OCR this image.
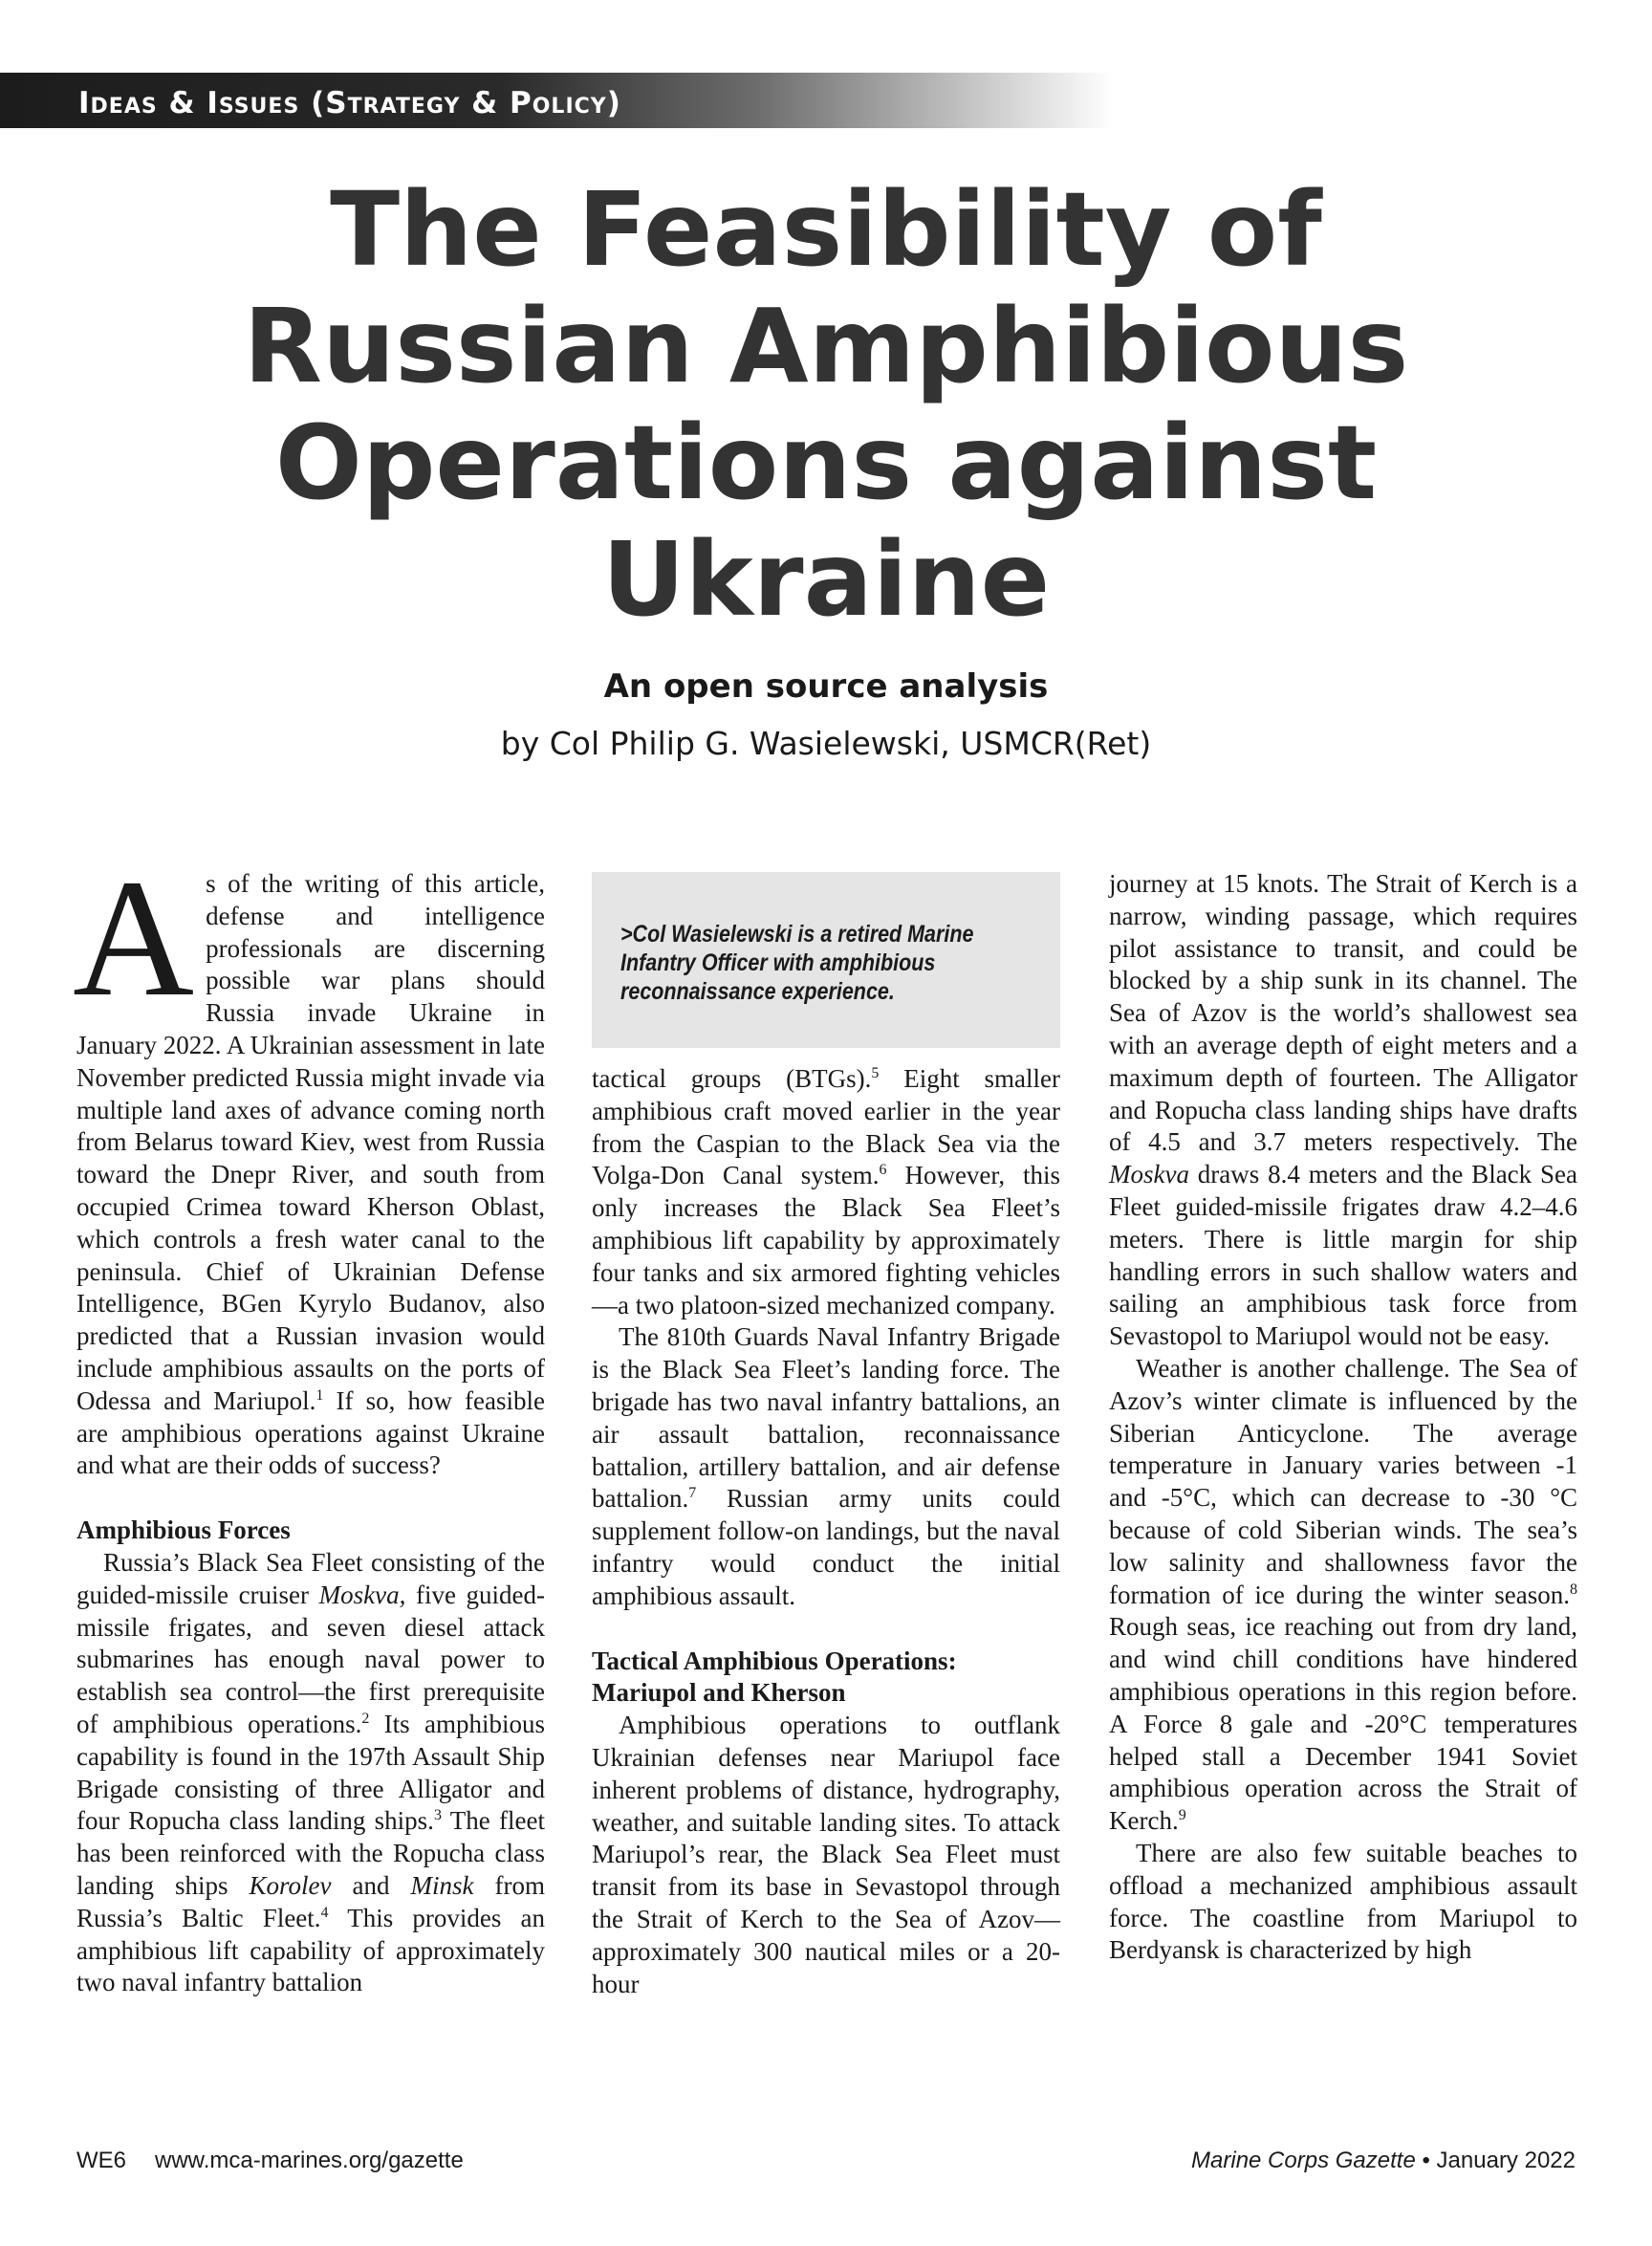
Ideas & Issues (Strategy & Policy)
The Feasibility of
Russian Amphibious
Operations against
Ukraine
An open source analysis
by Col Philip G. Wasielewski, USMCR(Ret)

As of the writing of this article, defense and intelligence professionals are discerning possible war plans should Russia invade Ukraine in January 2022. A Ukrainian assessment in late November predicted Russia might invade via multiple land axes of advance coming north from Belarus toward Kiev, west from Russia toward the Dnepr River, and south from occupied Crimea toward Kherson Oblast, which controls a fresh water canal to the peninsula. Chief of Ukrainian Defense Intelligence, BGen Kyrylo Budanov, also predicted that a Russian invasion would include amphibious assaults on the ports of Odessa and Mariupol.$^1$ If so, how feasible are amphibious operations against Ukraine and what are their odds of success?

Amphibious Forces

Russia’s Black Sea Fleet consisting of the guided-missile cruiser Moskva, five guided-missile frigates, and seven diesel attack submarines has enough naval power to establish sea control—the first prerequisite of amphibious operations.$^2$ Its amphibious capability is found in the 197th Assault Ship Brigade consisting of three Alligator and four Ropucha class landing ships.$^3$ The fleet has been reinforced with the Ropucha class landing ships Korolev and Minsk from Russia’s Baltic Fleet.$^4$ This provides an amphibious lift capability of approximately two naval infantry battalion

>Col Wasielewski is a retired Marine Infantry Officer with amphibious reconnaissance experience.

tactical groups (BTGs).$^5$ Eight smaller amphibious craft moved earlier in the year from the Caspian to the Black Sea via the Volga-Don Canal system.$^6$ However, this only increases the Black Sea Fleet’s amphibious lift capability by approximately four tanks and six armored fighting vehicles—a two platoon-sized mechanized company.

The 810th Guards Naval Infantry Brigade is the Black Sea Fleet’s landing force. The brigade has two naval infantry battalions, an air assault battalion, reconnaissance battalion, artillery battalion, and air defense battalion.$^7$ Russian army units could supplement follow-on landings, but the naval infantry would conduct the initial amphibious assault.

Tactical Amphibious Operations:
Mariupol and Kherson

Amphibious operations to outflank Ukrainian defenses near Mariupol face inherent problems of distance, hydrography, weather, and suitable landing sites. To attack Mariupol’s rear, the Black Sea Fleet must transit from its base in Sevastopol through the Strait of Kerch to the Sea of Azov—approximately 300 nautical miles or a 20-hour

journey at 15 knots. The Strait of Kerch is a narrow, winding passage, which requires pilot assistance to transit, and could be blocked by a ship sunk in its channel. The Sea of Azov is the world’s shallowest sea with an average depth of eight meters and a maximum depth of fourteen. The Alligator and Ropucha class landing ships have drafts of 4.5 and 3.7 meters respectively. The Moskva draws 8.4 meters and the Black Sea Fleet guided-missile frigates draw 4.2–4.6 meters. There is little margin for ship handling errors in such shallow waters and sailing an amphibious task force from Sevastopol to Mariupol would not be easy.

Weather is another challenge. The Sea of Azov’s winter climate is influenced by the Siberian Anticyclone. The average temperature in January varies between -1 and -5°C, which can decrease to -30 °C because of cold Siberian winds. The sea’s low salinity and shallowness favor the formation of ice during the winter season.$^8$ Rough seas, ice reaching out from dry land, and wind chill conditions have hindered amphibious operations in this region before. A Force 8 gale and -20°C temperatures helped stall a December 1941 Soviet amphibious operation across the Strait of Kerch.$^9$

There are also few suitable beaches to offload a mechanized amphibious assault force. The coastline from Mariupol to Berdyansk is characterized by high

WE6 www.mca-marines.org/gazette	Marine Corps Gazette • January 2022
